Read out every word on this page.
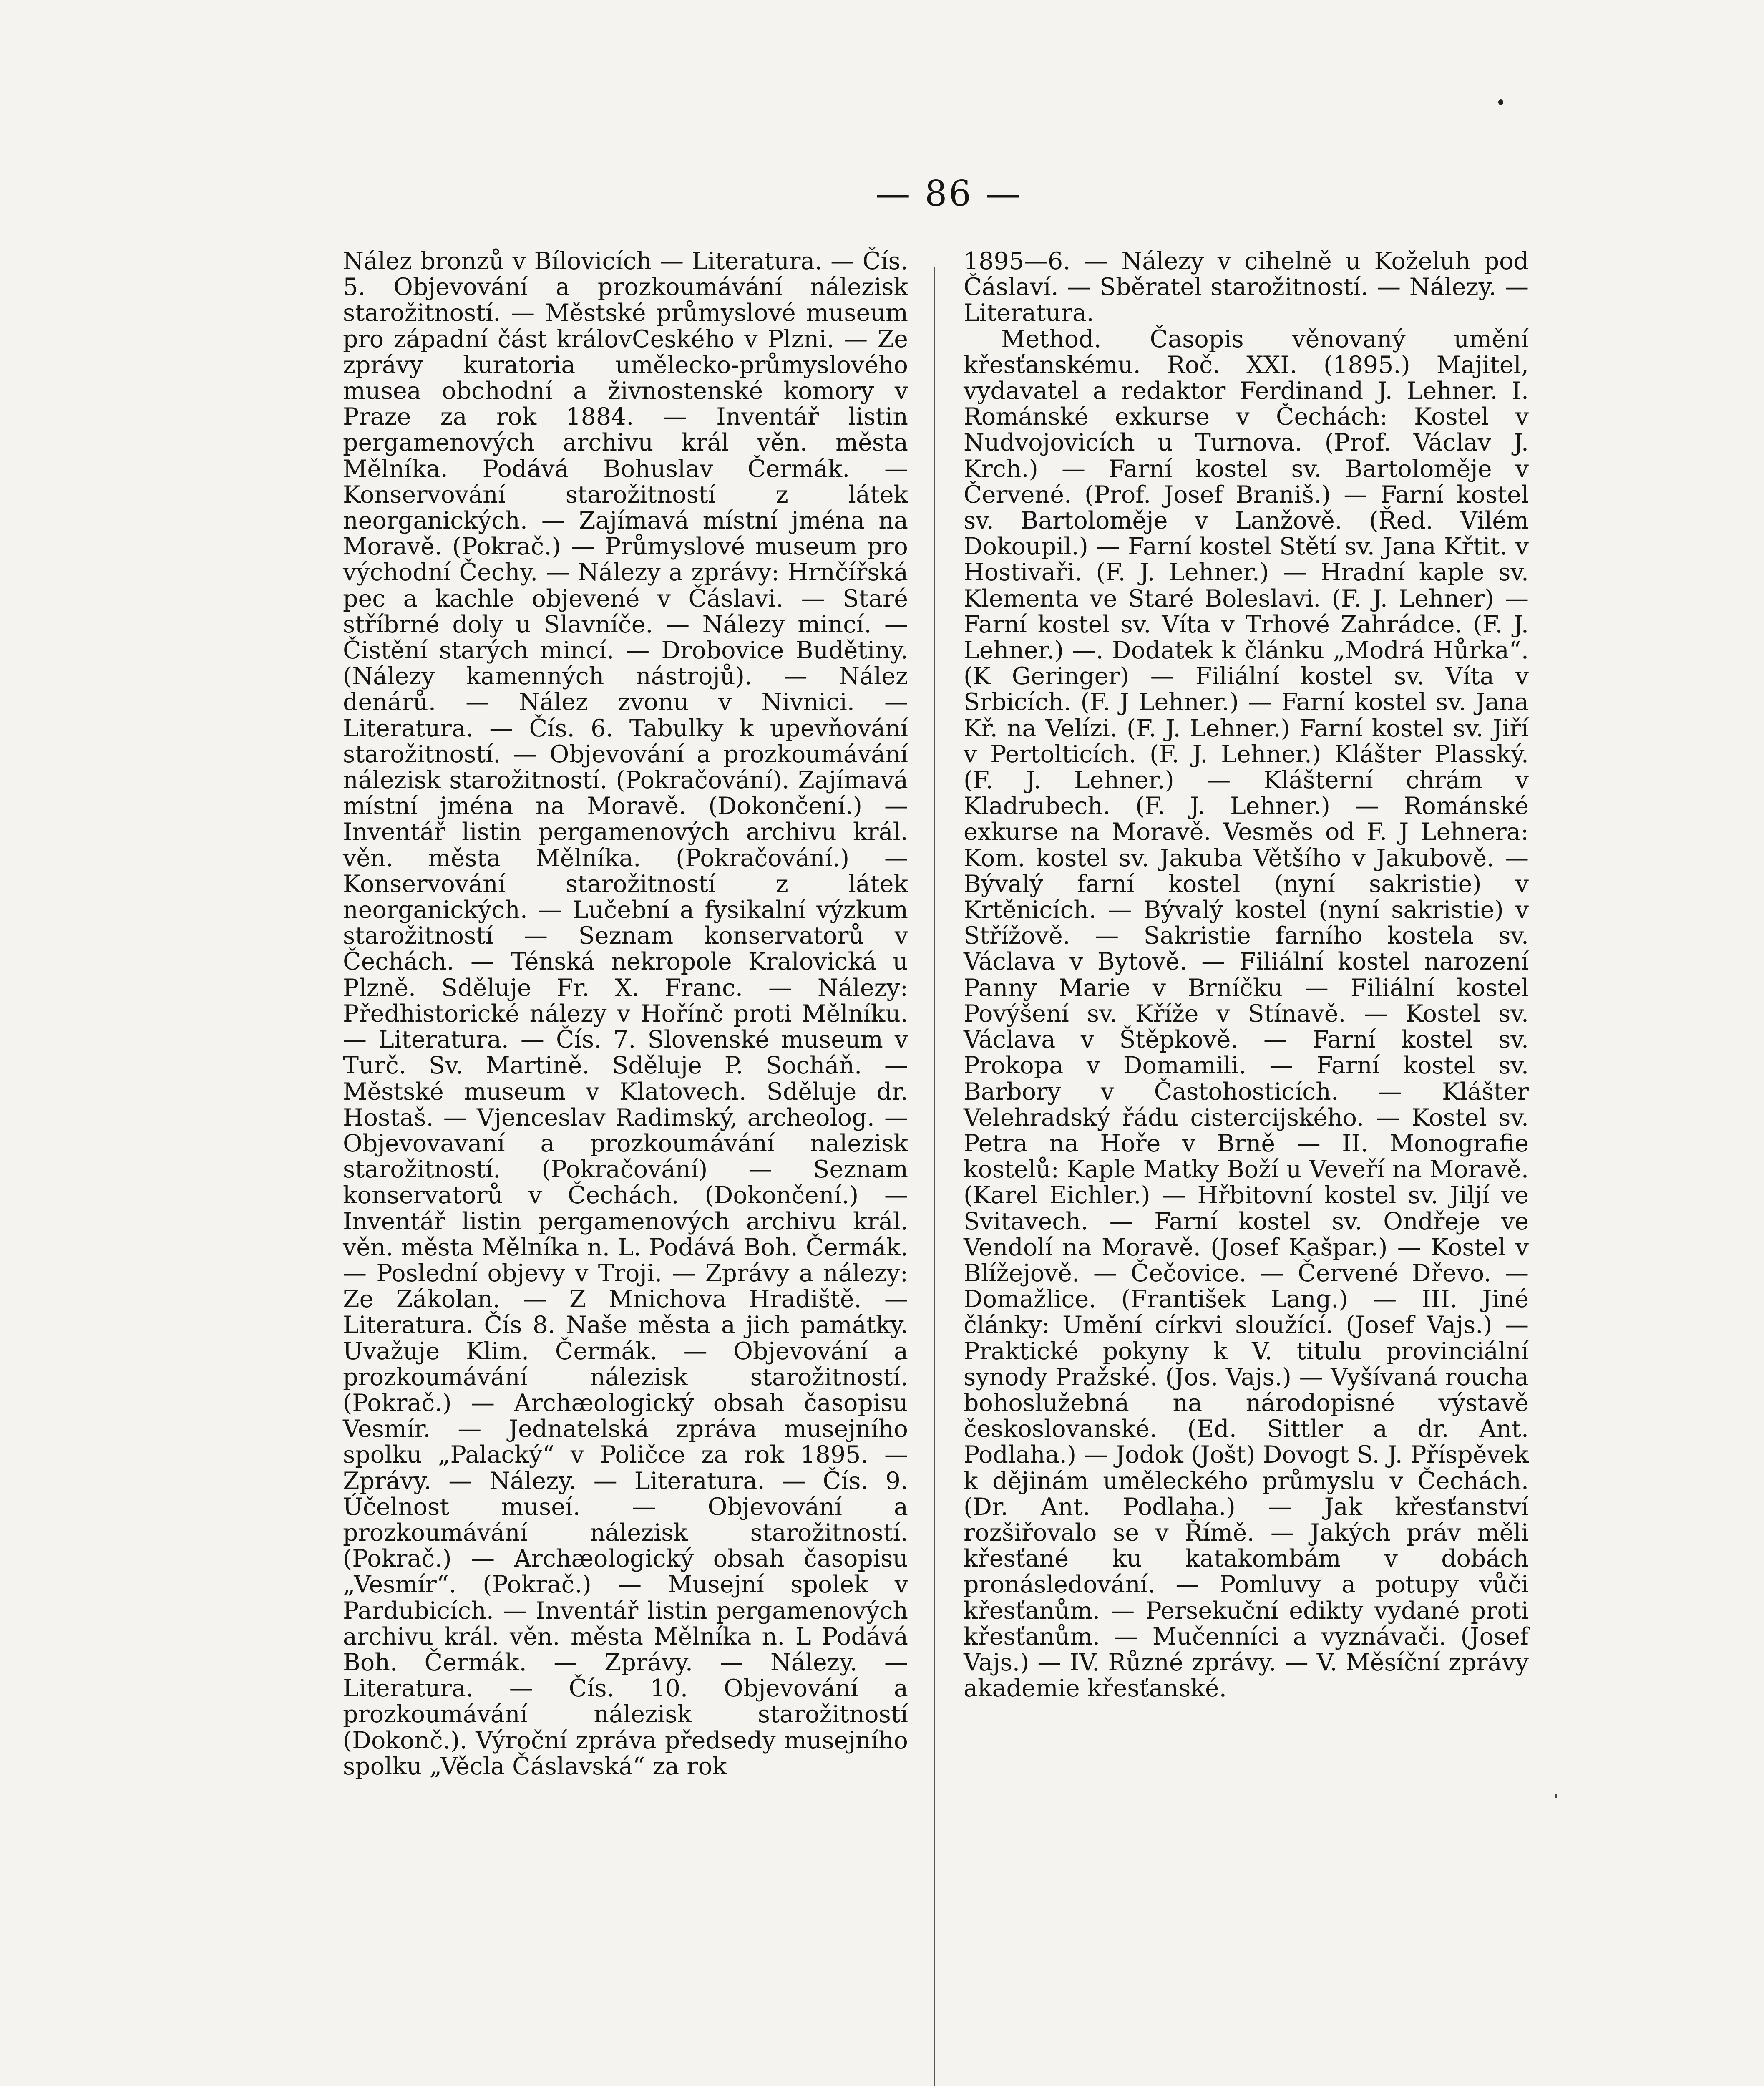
— 86 —

Nález bronzů v Bílovicích — Literatura. — Čís. 5. Objevování a prozkoumávání nálezisk starožitností. — Městské průmyslové museum pro západní část královCeského v Plzni. — Ze zprávy kuratoria umělecko-průmyslového musea obchodní a živnostenské komory v Praze za rok 1884. — Inventář listin pergamenových archivu král věn. města Mělníka. Podává Bohuslav Čermák. — Konservování starožitností z látek neorganických. — Zajímavá místní jména na Moravě. (Pokrač.) — Průmyslové museum pro východní Čechy. — Nálezy a zprávy: Hrnčířská pec a kachle objevené v Čáslavi. — Staré stříbrné doly u Slavníče. — Nálezy mincí. — Čistění starých mincí. — Drobovice Budětiny. (Nálezy kamenných nástrojů). — Nález denárů. — Nález zvonu v Nivnici. — Literatura. — Čís. 6. Tabulky k upevňování starožitností. — Objevování a prozkoumávání nálezisk starožitností. (Pokračování). Zajímavá místní jména na Moravě. (Dokončení.) — Inventář listin pergamenových archivu král. věn. města Mělníka. (Pokračování.) — Konservování starožitností z látek neorganických. — Lučební a fysikalní výzkum starožitností — Seznam konservatorů v Čechách. — Ténská nekropole Kralovická u Plzně. Sděluje Fr. X. Franc. — Nálezy: Předhistorické nálezy v Hořínč proti Mělníku. — Literatura. — Čís. 7. Slovenské museum v Turč. Sv. Martině. Sděluje P. Socháň. — Městské museum v Klatovech. Sděluje dr. Hostaš. — Vjenceslav Radimský, archeolog. — Objevovavaní a prozkoumávání nalezisk starožitností. (Pokračování) — Seznam konservatorů v Čechách. (Dokončení.) — Inventář listin pergamenových archivu král. věn. města Mělníka n. L. Podává Boh. Čermák. — Poslední objevy v Troji. — Zprávy a nálezy: Ze Zákolan. — Z Mnichova Hradiště. — Literatura. Čís 8. Naše města a jich památky. Uvažuje Klim. Čermák. — Objevování a prozkoumávání nálezisk starožitností. (Pokrač.) — Archæologický obsah časopisu Vesmír. — Jednatelská zpráva musejního spolku „Palacký“ v Poličce za rok 1895. — Zprávy. — Nálezy. — Literatura. — Čís. 9. Účelnost museí. — Objevování a prozkoumávání nálezisk starožitností. (Pokrač.) — Archæologický obsah časopisu „Vesmír“. (Pokrač.) — Musejní spolek v Pardubicích. — Inventář listin pergamenových archivu král. věn. města Mělníka n. L Podává Boh. Čermák. — Zprávy. — Nálezy. — Literatura. — Čís. 10. Objevování a prozkoumávání nálezisk starožitností (Dokonč.). Výroční zpráva předsedy musejního spolku „Věcla Čáslavská“ za rok

1895—6. — Nálezy v cihelně u Koželuh pod Čáslaví. — Sběratel starožitností. — Nálezy. — Literatura.

Method. Časopis věnovaný umění křesťanskému. Roč. XXI. (1895.) Majitel, vydavatel a redaktor Ferdinand J. Lehner. I. Románské exkurse v Čechách: Kostel v Nudvojovicích u Turnova. (Prof. Václav J. Krch.) — Farní kostel sv. Bartoloměje v Červené. (Prof. Josef Braniš.) — Farní kostel sv. Bartoloměje v Lanžově. (Řed. Vilém Dokoupil.) — Farní kostel Stětí sv. Jana Křtit. v Hostivaři. (F. J. Lehner.) — Hradní kaple sv. Klementa ve Staré Boleslavi. (F. J. Lehner) — Farní kostel sv. Víta v Trhové Zahrádce. (F. J. Lehner.) —. Dodatek k článku „Modrá Hůrka“. (K Geringer) — Filiální kostel sv. Víta v Srbicích. (F. J Lehner.) — Farní kostel sv. Jana Kř. na Velízi. (F. J. Lehner.) Farní kostel sv. Jiří v Pertolticích. (F. J. Lehner.) Klášter Plasský. (F. J. Lehner.) — Klášterní chrám v Kladrubech. (F. J. Lehner.) — Románské exkurse na Moravě. Vesměs od F. J Lehnera: Kom. kostel sv. Jakuba Většího v Jakubově. — Bývalý farní kostel (nyní sakristie) v Krtěnicích. — Bývalý kostel (nyní sakristie) v Střížově. — Sakristie farního kostela sv. Václava v Bytově. — Filiální kostel narození Panny Marie v Brníčku — Filiální kostel Povýšení sv. Kříže v Stínavě. — Kostel sv. Václava v Štěpkově. — Farní kostel sv. Prokopa v Domamili. — Farní kostel sv. Barbory v Častohosticích. — Klášter Velehradský řádu cistercijského. — Kostel sv. Petra na Hoře v Brně — II. Monografie kostelů: Kaple Matky Boží u Veveří na Moravě. (Karel Eichler.) — Hřbitovní kostel sv. Jiljí ve Svitavech. — Farní kostel sv. Ondřeje ve Vendolí na Moravě. (Josef Kašpar.) — Kostel v Blížejově. — Čečovice. — Červené Dřevo. — Domažlice. (František Lang.) — III. Jiné články: Umění církvi sloužící. (Josef Vajs.) — Praktické pokyny k V. titulu provinciální synody Pražské. (Jos. Vajs.) — Vyšívaná roucha bohoslužebná na národopisné výstavě českoslovanské. (Ed. Sittler a dr. Ant. Podlaha.) — Jodok (Jošt) Dovogt S. J. Příspěvek k dějinám uměleckého průmyslu v Čechách. (Dr. Ant. Podlaha.) — Jak křesťanství rozšiřovalo se v Římě. — Jakých práv měli křesťané ku katakombám v dobách pronásledování. — Pomluvy a potupy vůči křesťanům. — Persekuční edikty vydané proti křesťanům. — Mučenníci a vyznávači. (Josef Vajs.) — IV. Různé zprávy. — V. Měsíční zprávy akademie křesťanské.
